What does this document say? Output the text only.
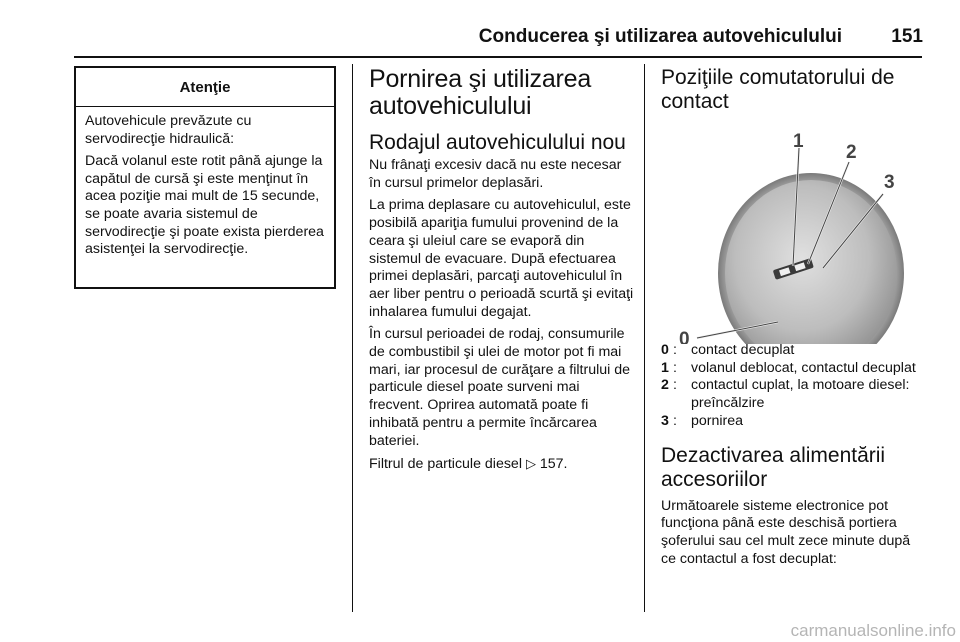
Conducerea şi utilizarea autovehiculului	151
Atenţie

Autovehicule prevăzute cu servodirecţie hidraulică:

Dacă volanul este rotit până ajunge la capătul de cursă şi este menţinut în acea poziţie mai mult de 15 secunde, se poate avaria sistemul de servodirecţie şi poate exista pierderea asistenţei la servodirecţie.

Pornirea şi utilizarea autovehiculului
Rodajul autovehiculului nou

Nu frânaţi excesiv dacă nu este necesar în cursul primelor deplasări.

La prima deplasare cu autovehiculul, este posibilă apariţia fumului provenind de la ceara şi uleiul care se evaporă din sistemul de evacuare. După efectuarea primei deplasări, parcaţi autovehiculul în aer liber pentru o perioadă scurtă şi evitaţi inhalarea fumului degajat.

În cursul perioadei de rodaj, consumurile de combustibil şi ulei de motor pot fi mai mari, iar procesul de curăţare a filtrului de particule diesel poate surveni mai frecvent. Oprirea automată poate fi inhibată pentru a permite încărcarea bateriei.

Filtrul de particule diesel ▷ 157.

Poziţiile comutatorului de contact
0
1
2
3
0 : contact decuplat
1 : volanul deblocat, contactul decuplat
2 : contactul cuplat, la motoare diesel: preîncălzire
3 : pornirea
Dezactivarea alimentării accesoriilor

Următoarele sisteme electronice pot funcţiona până este deschisă portiera şoferului sau cel mult zece minute după ce contactul a fost decuplat:

carmanualsonline.info
